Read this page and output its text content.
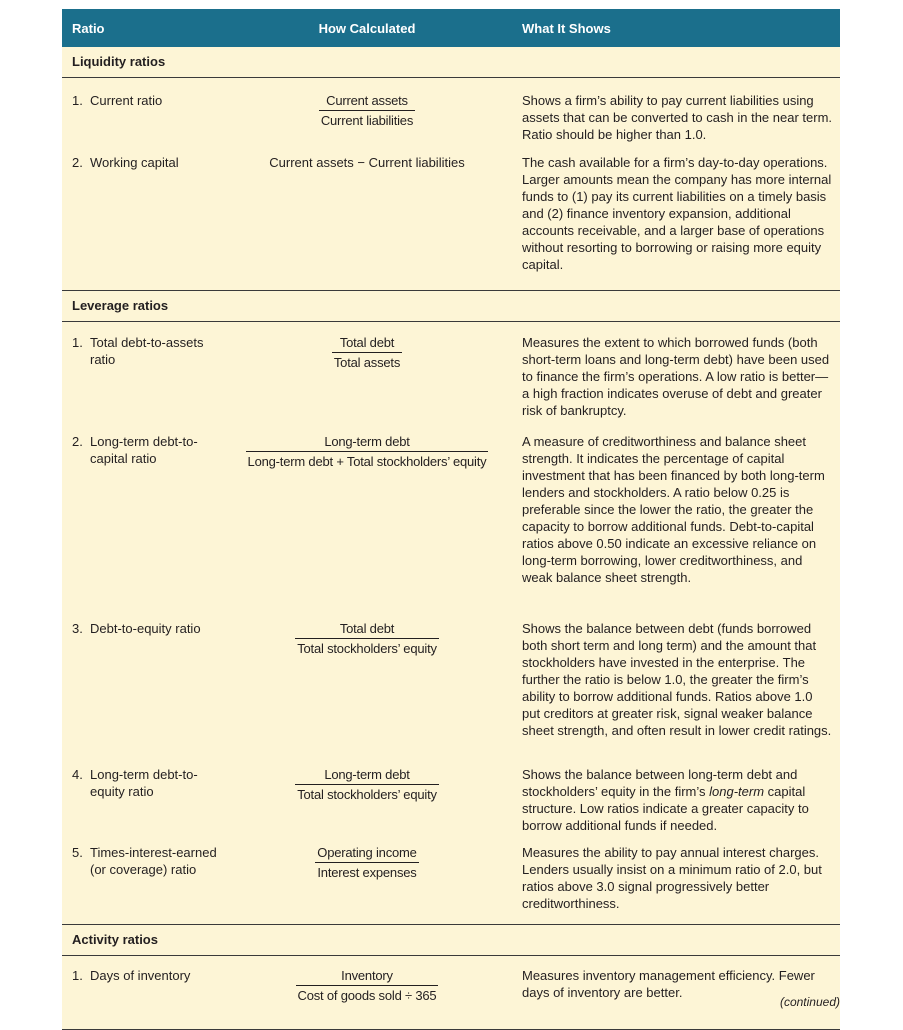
Ratio	How Calculated	What It Shows
Liquidity ratios
1. Current ratio	$\frac{\text{Current assets}}{\text{Current liabilities}}$	Shows a firm’s ability to pay current liabilities using assets that can be converted to cash in the near term. Ratio should be higher than 1.0.
2. Working capital	Current assets − Current liabilities	The cash available for a firm’s day-to-day operations. Larger amounts mean the company has more internal funds to (1) pay its current liabilities on a timely basis and (2) finance inventory expansion, additional accounts receivable, and a larger base of operations without resorting to borrowing or raising more equity capital.
Leverage ratios
1. Total debt-to-assets ratio	$\frac{\text{Total debt}}{\text{Total assets}}$	Measures the extent to which borrowed funds (both short-term loans and long-term debt) have been used to finance the firm’s operations. A low ratio is better—a high fraction indicates overuse of debt and greater risk of bankruptcy.
2. Long-term debt-to-capital ratio	$\frac{\text{Long-term debt}}{\text{Long-term debt + Total stockholders’ equity}}$	A measure of creditworthiness and balance sheet strength. It indicates the percentage of capital investment that has been financed by both long-term lenders and stockholders. A ratio below 0.25 is preferable since the lower the ratio, the greater the capacity to borrow additional funds. Debt-to-capital ratios above 0.50 indicate an excessive reliance on long-term borrowing, lower creditworthiness, and weak balance sheet strength.
3. Debt-to-equity ratio	$\frac{\text{Total debt}}{\text{Total stockholders’ equity}}$	Shows the balance between debt (funds borrowed both short term and long term) and the amount that stockholders have invested in the enterprise. The further the ratio is below 1.0, the greater the firm’s ability to borrow additional funds. Ratios above 1.0 put creditors at greater risk, signal weaker balance sheet strength, and often result in lower credit ratings.
4. Long-term debt-to-equity ratio	$\frac{\text{Long-term debt}}{\text{Total stockholders’ equity}}$	Shows the balance between long-term debt and stockholders’ equity in the firm’s long-term capital structure. Low ratios indicate a greater capacity to borrow additional funds if needed.
5. Times-interest-earned (or coverage) ratio	$\frac{\text{Operating income}}{\text{Interest expenses}}$	Measures the ability to pay annual interest charges. Lenders usually insist on a minimum ratio of 2.0, but ratios above 3.0 signal progressively better creditworthiness.
Activity ratios
1. Days of inventory	$\frac{\text{Inventory}}{\text{Cost of goods sold ÷ 365}}$	Measures inventory management efficiency. Fewer days of inventory are better.
(continued)
